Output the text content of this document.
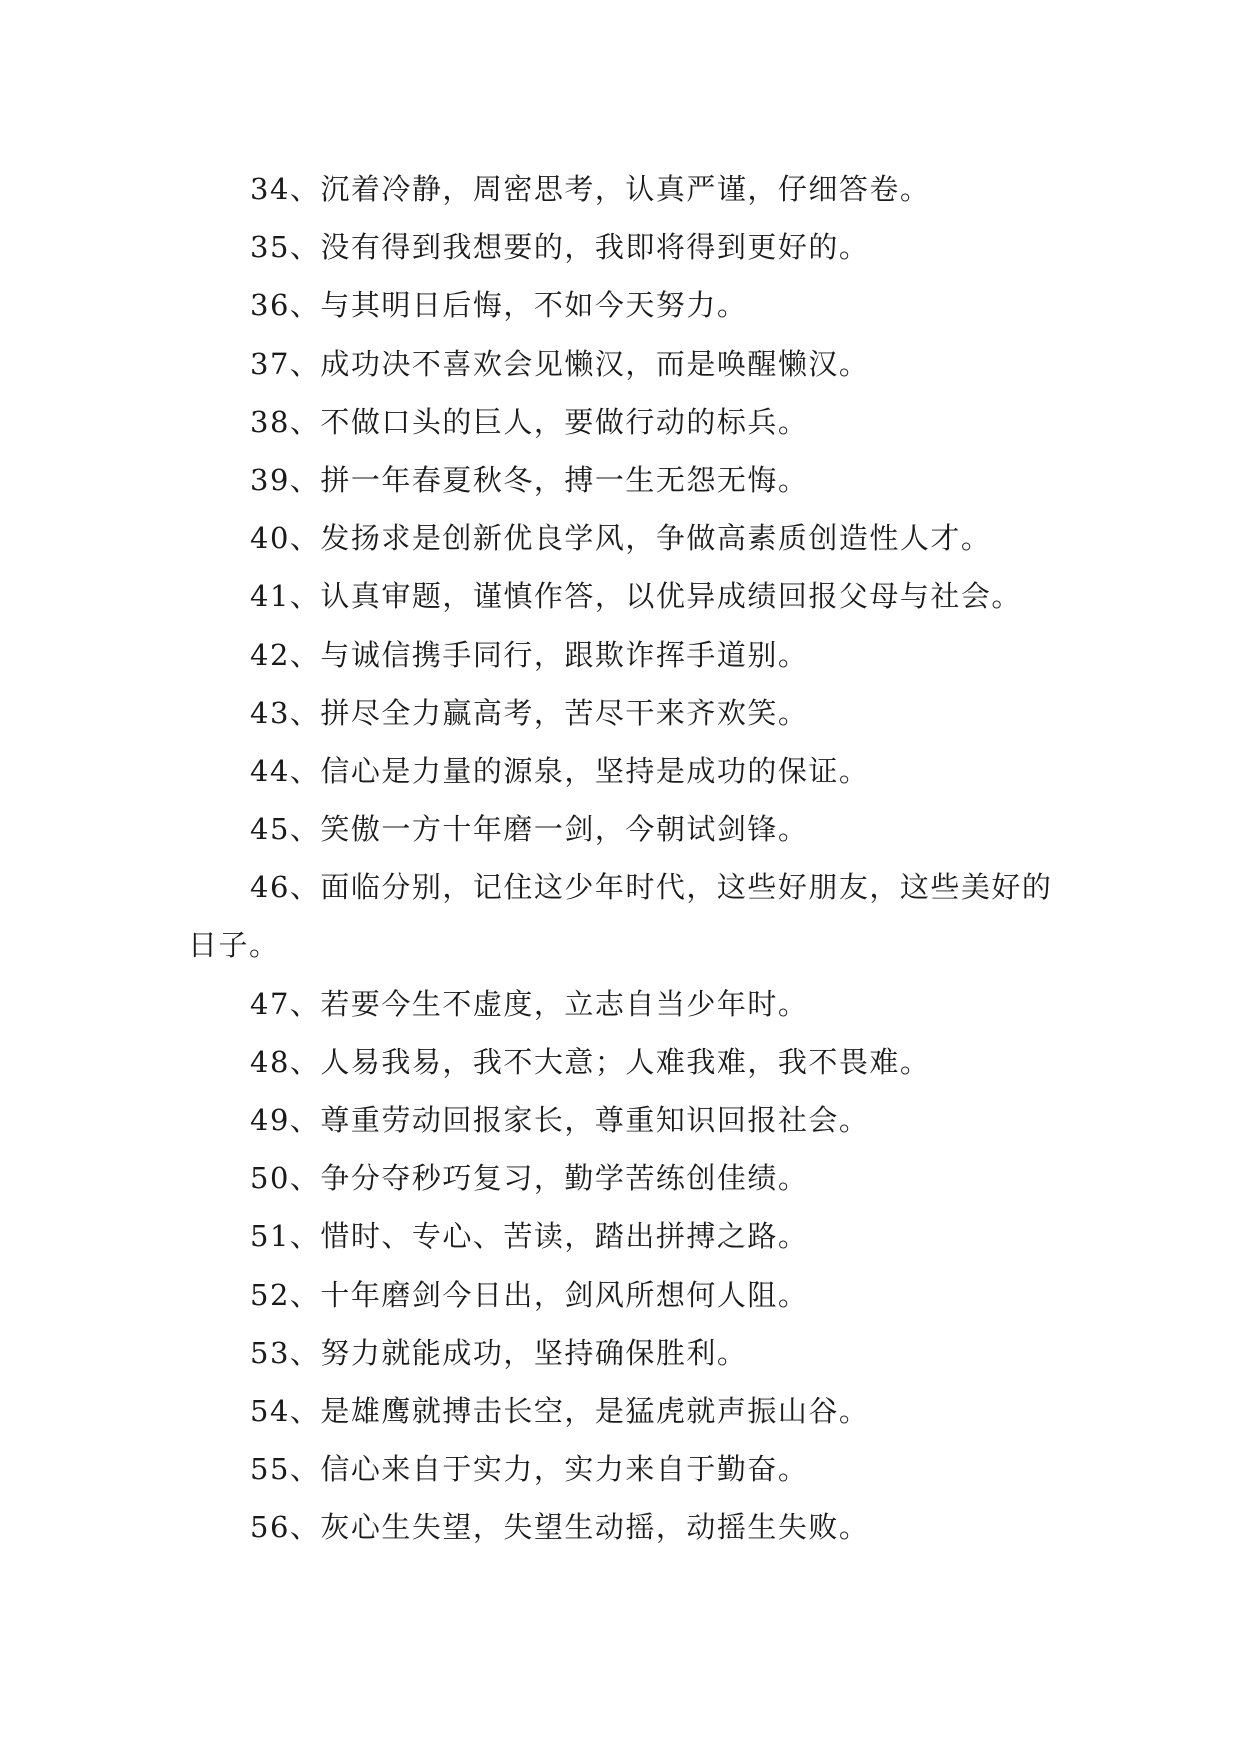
34、沉着冷静，周密思考，认真严谨，仔细答卷。

35、没有得到我想要的，我即将得到更好的。

36、与其明日后悔，不如今天努力。

37、成功决不喜欢会见懒汉，而是唤醒懒汉。

38、不做口头的巨人，要做行动的标兵。

39、拼一年春夏秋冬，搏一生无怨无悔。

40、发扬求是创新优良学风，争做高素质创造性人才。

41、认真审题，谨慎作答，以优异成绩回报父母与社会。

42、与诚信携手同行，跟欺诈挥手道别。

43、拼尽全力赢高考，苦尽干来齐欢笑。

44、信心是力量的源泉，坚持是成功的保证。

45、笑傲一方十年磨一剑，今朝试剑锋。

46、面临分别，记住这少年时代，这些好朋友，这些美好的日子。

47、若要今生不虚度，立志自当少年时。

48、人易我易，我不大意；人难我难，我不畏难。

49、尊重劳动回报家长，尊重知识回报社会。

50、争分夺秒巧复习，勤学苦练创佳绩。

51、惜时、专心、苦读，踏出拼搏之路。

52、十年磨剑今日出，剑风所想何人阻。

53、努力就能成功，坚持确保胜利。

54、是雄鹰就搏击长空，是猛虎就声振山谷。

55、信心来自于实力，实力来自于勤奋。

56、灰心生失望，失望生动摇，动摇生失败。
